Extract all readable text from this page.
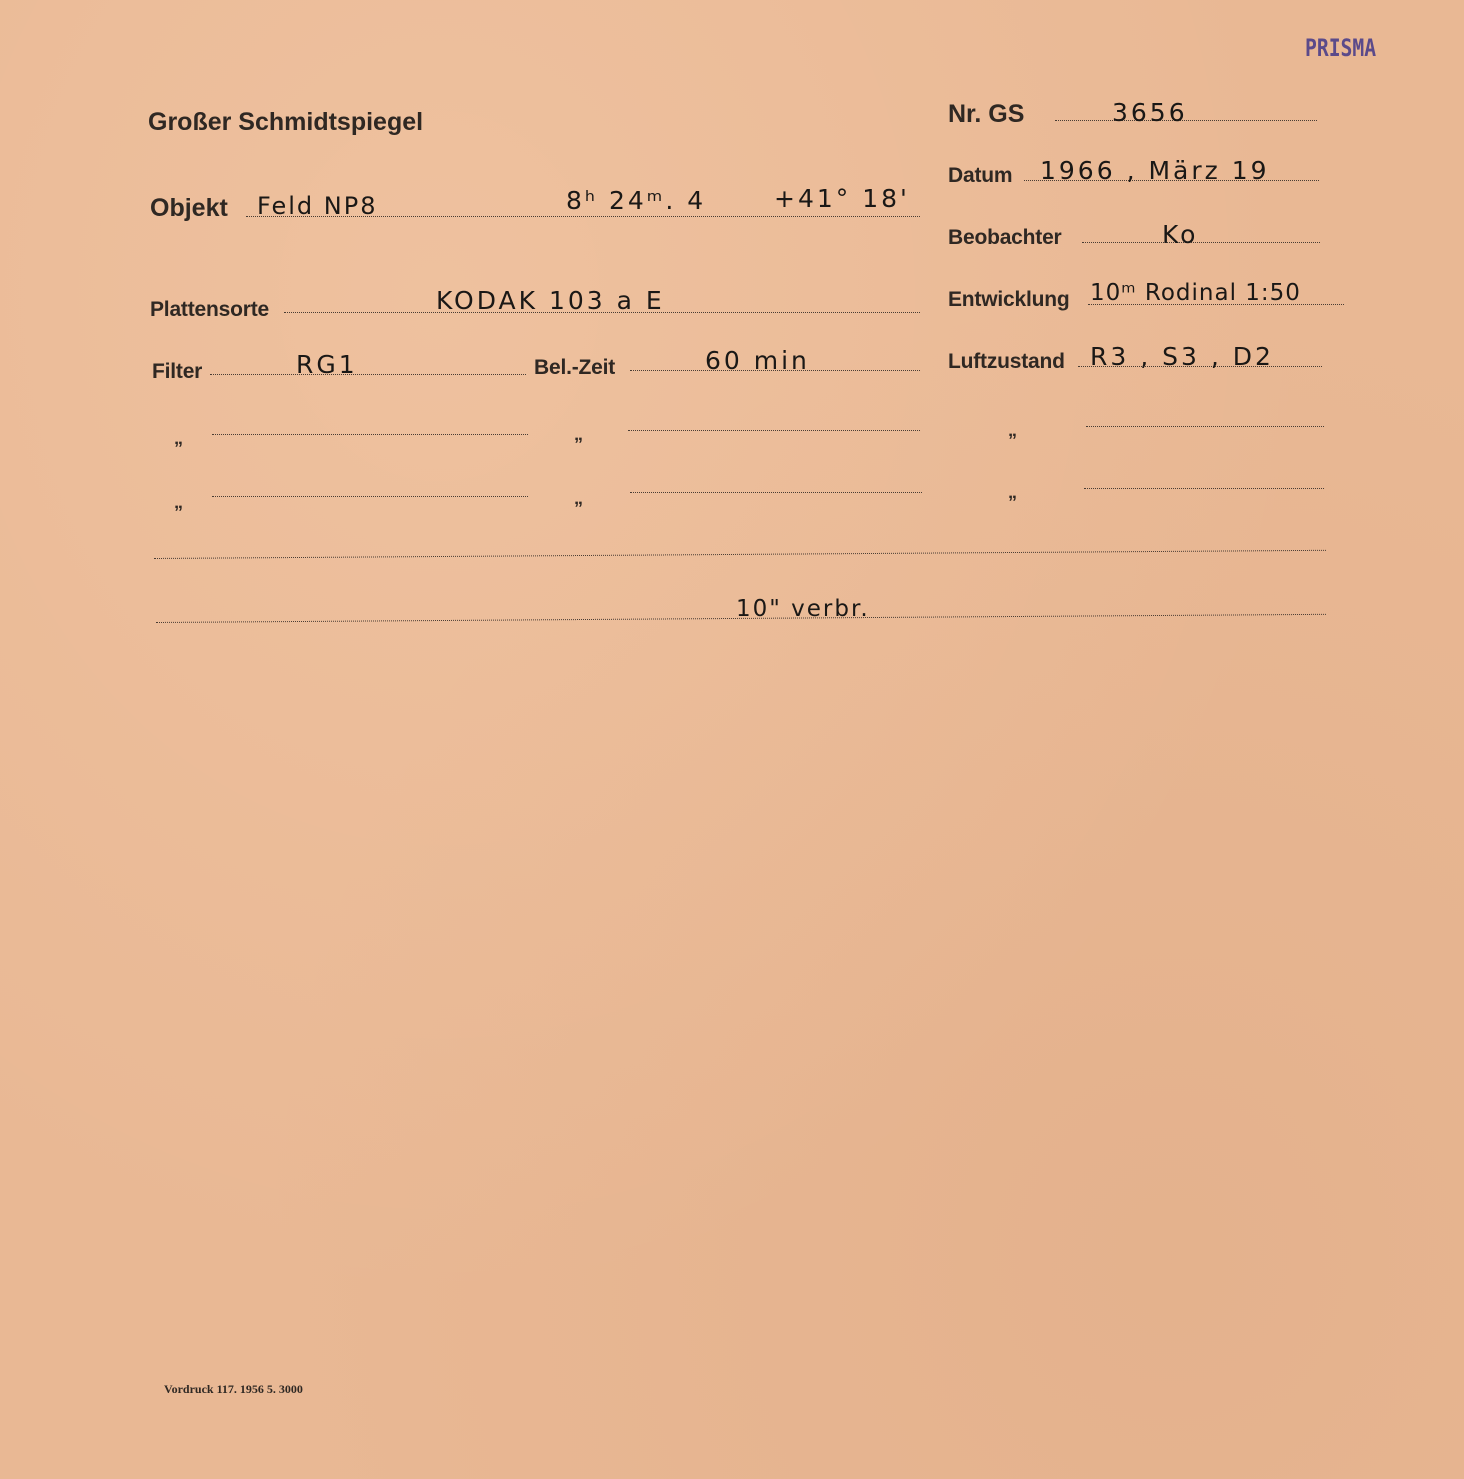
PRISMA
Großer Schmidtspiegel	Nr. GS	3656
Objekt Feld NP8	8ʰ 24ᵐ. 4	+41° 18'
Datum 1966 , März 19
Beobachter	Ko
Plattensorte	KODAK 103 a E	Entwicklung 10ᵐ Rodinal 1:50
Filter	RG1	Bel.-Zeit	60 min	Luftzustand R3 , S3 , D2
„	„	„
„	„	„
10" verbr.
Vordruck 117. 1956 5. 3000
